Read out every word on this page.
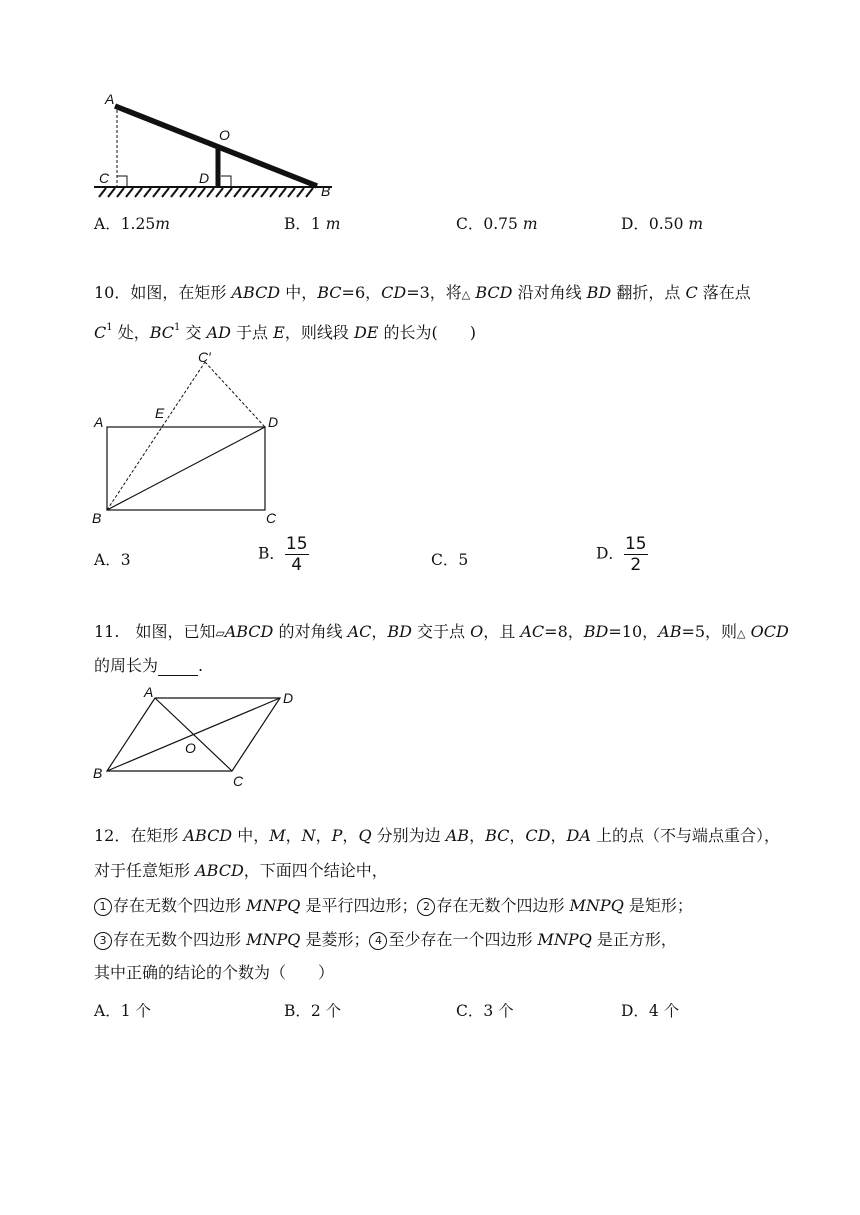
A
O
C	D
B
A．1.25m	B．1 m	C．0.75 m	D．0.50 m
10．如图，在矩形 ABCD 中，BC=6，CD=3，将△ BCD 沿对角线 BD 翻折，点 C 落在点
$C^1$ 处，$BC^1$ 交 AD 于点 E，则线段 DE 的长为(　　)
C′
A
E
D
B	C
A．3	B． $\frac{15}{4}$	C．5	D． $\frac{15}{2}$
11.　如图，已知▱ABCD 的对角线 AC，BD 交于点 O，且 AC=8，BD=10，AB=5，则△ OCD
的周长为	.
A	D
O
B	C
12．在矩形 ABCD 中，M，N，P，Q 分别为边 AB，BC，CD，DA 上的点（不与端点重合），
对于任意矩形 ABCD，下面四个结论中，
1 存在无数个四边形 MNPQ 是平行四边形； 2 存在无数个四边形 MNPQ 是矩形；
3 存在无数个四边形 MNPQ 是菱形； 4 至少存在一个四边形 MNPQ 是正方形，
其中正确的结论的个数为（　　）
A．1 个	B．2 个	C．3 个	D．4 个
